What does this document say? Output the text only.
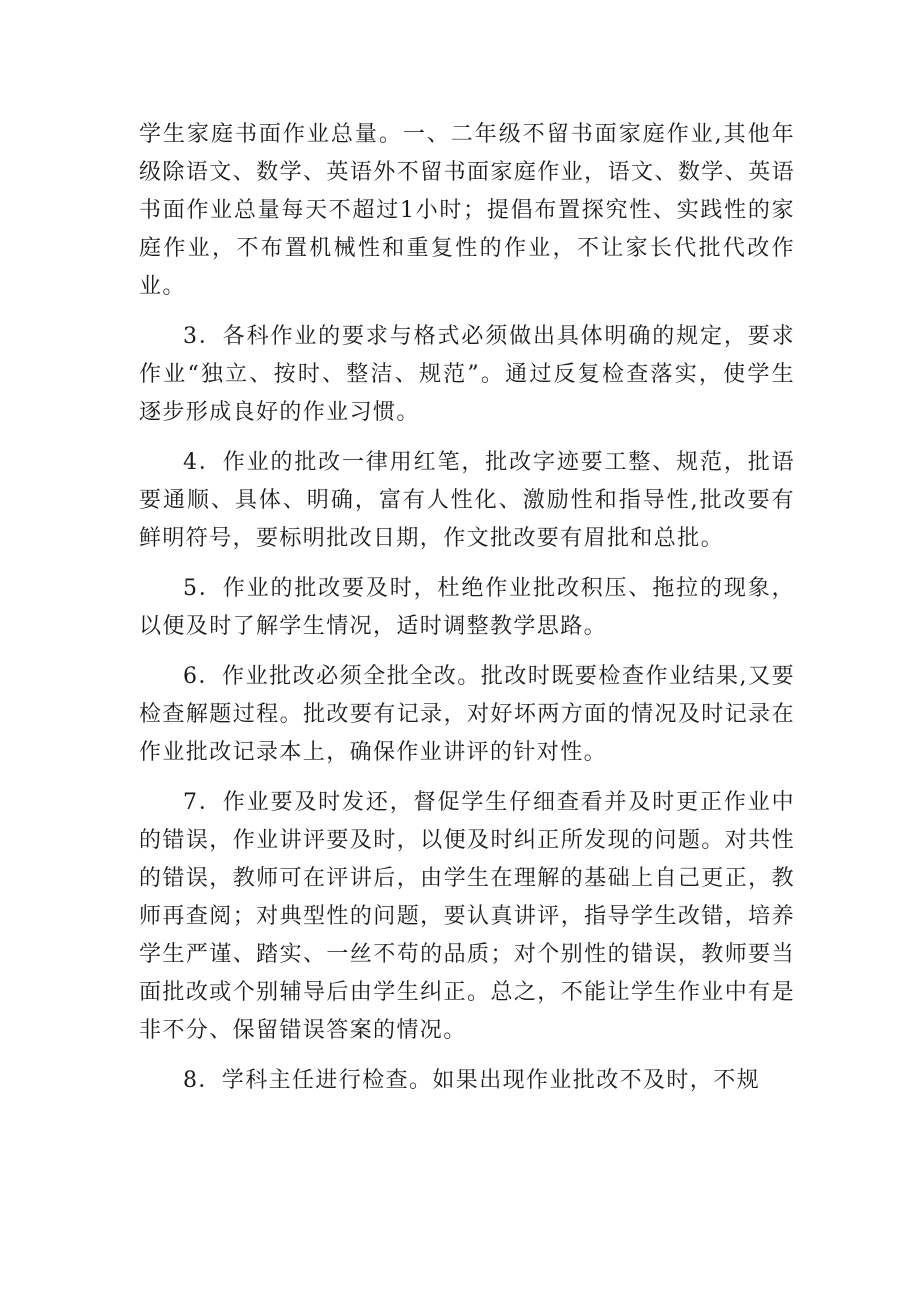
学生家庭书面作业总量。一、二年级不留书面家庭作业,其他年级除语文、数学、英语外不留书面家庭作业，语文、数学、英语书面作业总量每天不超过1小时；提倡布置探究性、实践性的家庭作业，不布置机械性和重复性的作业，不让家长代批代改作业。

3．各科作业的要求与格式必须做出具体明确的规定，要求作业“独立、按时、整洁、规范”。通过反复检查落实，使学生逐步形成良好的作业习惯。

4．作业的批改一律用红笔，批改字迹要工整、规范，批语要通顺、具体、明确，富有人性化、激励性和指导性,批改要有鲜明符号，要标明批改日期，作文批改要有眉批和总批。

5．作业的批改要及时，杜绝作业批改积压、拖拉的现象，以便及时了解学生情况，适时调整教学思路。

6．作业批改必须全批全改。批改时既要检查作业结果,又要检查解题过程。批改要有记录，对好坏两方面的情况及时记录在作业批改记录本上，确保作业讲评的针对性。

7．作业要及时发还，督促学生仔细查看并及时更正作业中的错误，作业讲评要及时，以便及时纠正所发现的问题。对共性的错误，教师可在评讲后，由学生在理解的基础上自己更正，教师再查阅；对典型性的问题，要认真讲评，指导学生改错，培养学生严谨、踏实、一丝不苟的品质；对个别性的错误，教师要当面批改或个别辅导后由学生纠正。总之，不能让学生作业中有是非不分、保留错误答案的情况。

8．学科主任进行检查。如果出现作业批改不及时，不规
